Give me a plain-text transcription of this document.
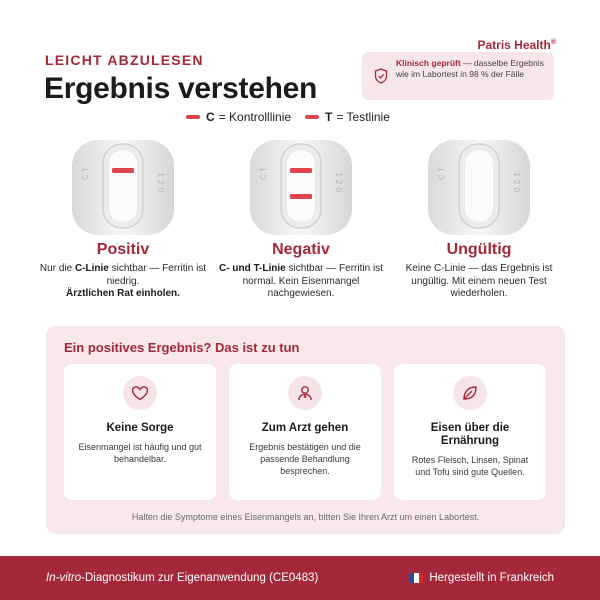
Patris Health®
LEICHT ABZULESEN
Ergebnis verstehen
Klinisch geprüft — dasselbe Ergebnis wie im Labortest in 98 % der Fälle
C = Kontrolllinie	T = Testlinie
C T	1 2 0
Positiv
Nur die C-Linie sichtbar — Ferritin ist niedrig.
Ärztlichen Rat einholen.
C T	1 2 0
Negativ
C- und T-Linie sichtbar — Ferritin ist normal. Kein Eisenmangel nachgewiesen.
C T	1 2 0
Ungültig
Keine C-Linie — das Ergebnis ist ungültig. Mit einem neuen Test wiederholen.
Ein positives Ergebnis? Das ist zu tun
Keine Sorge
Eisenmangel ist häufig und gut behandelbar.
Zum Arzt gehen
Ergebnis bestätigen und die passende Behandlung besprechen.
Eisen über die Ernährung
Rotes Fleisch, Linsen, Spinat und Tofu sind gute Quellen.
Halten die Symptome eines Eisenmangels an, bitten Sie Ihren Arzt um einen Labortest.
In-vitro-Diagnostikum zur Eigenanwendung (CE0483)	Hergestellt in Frankreich
